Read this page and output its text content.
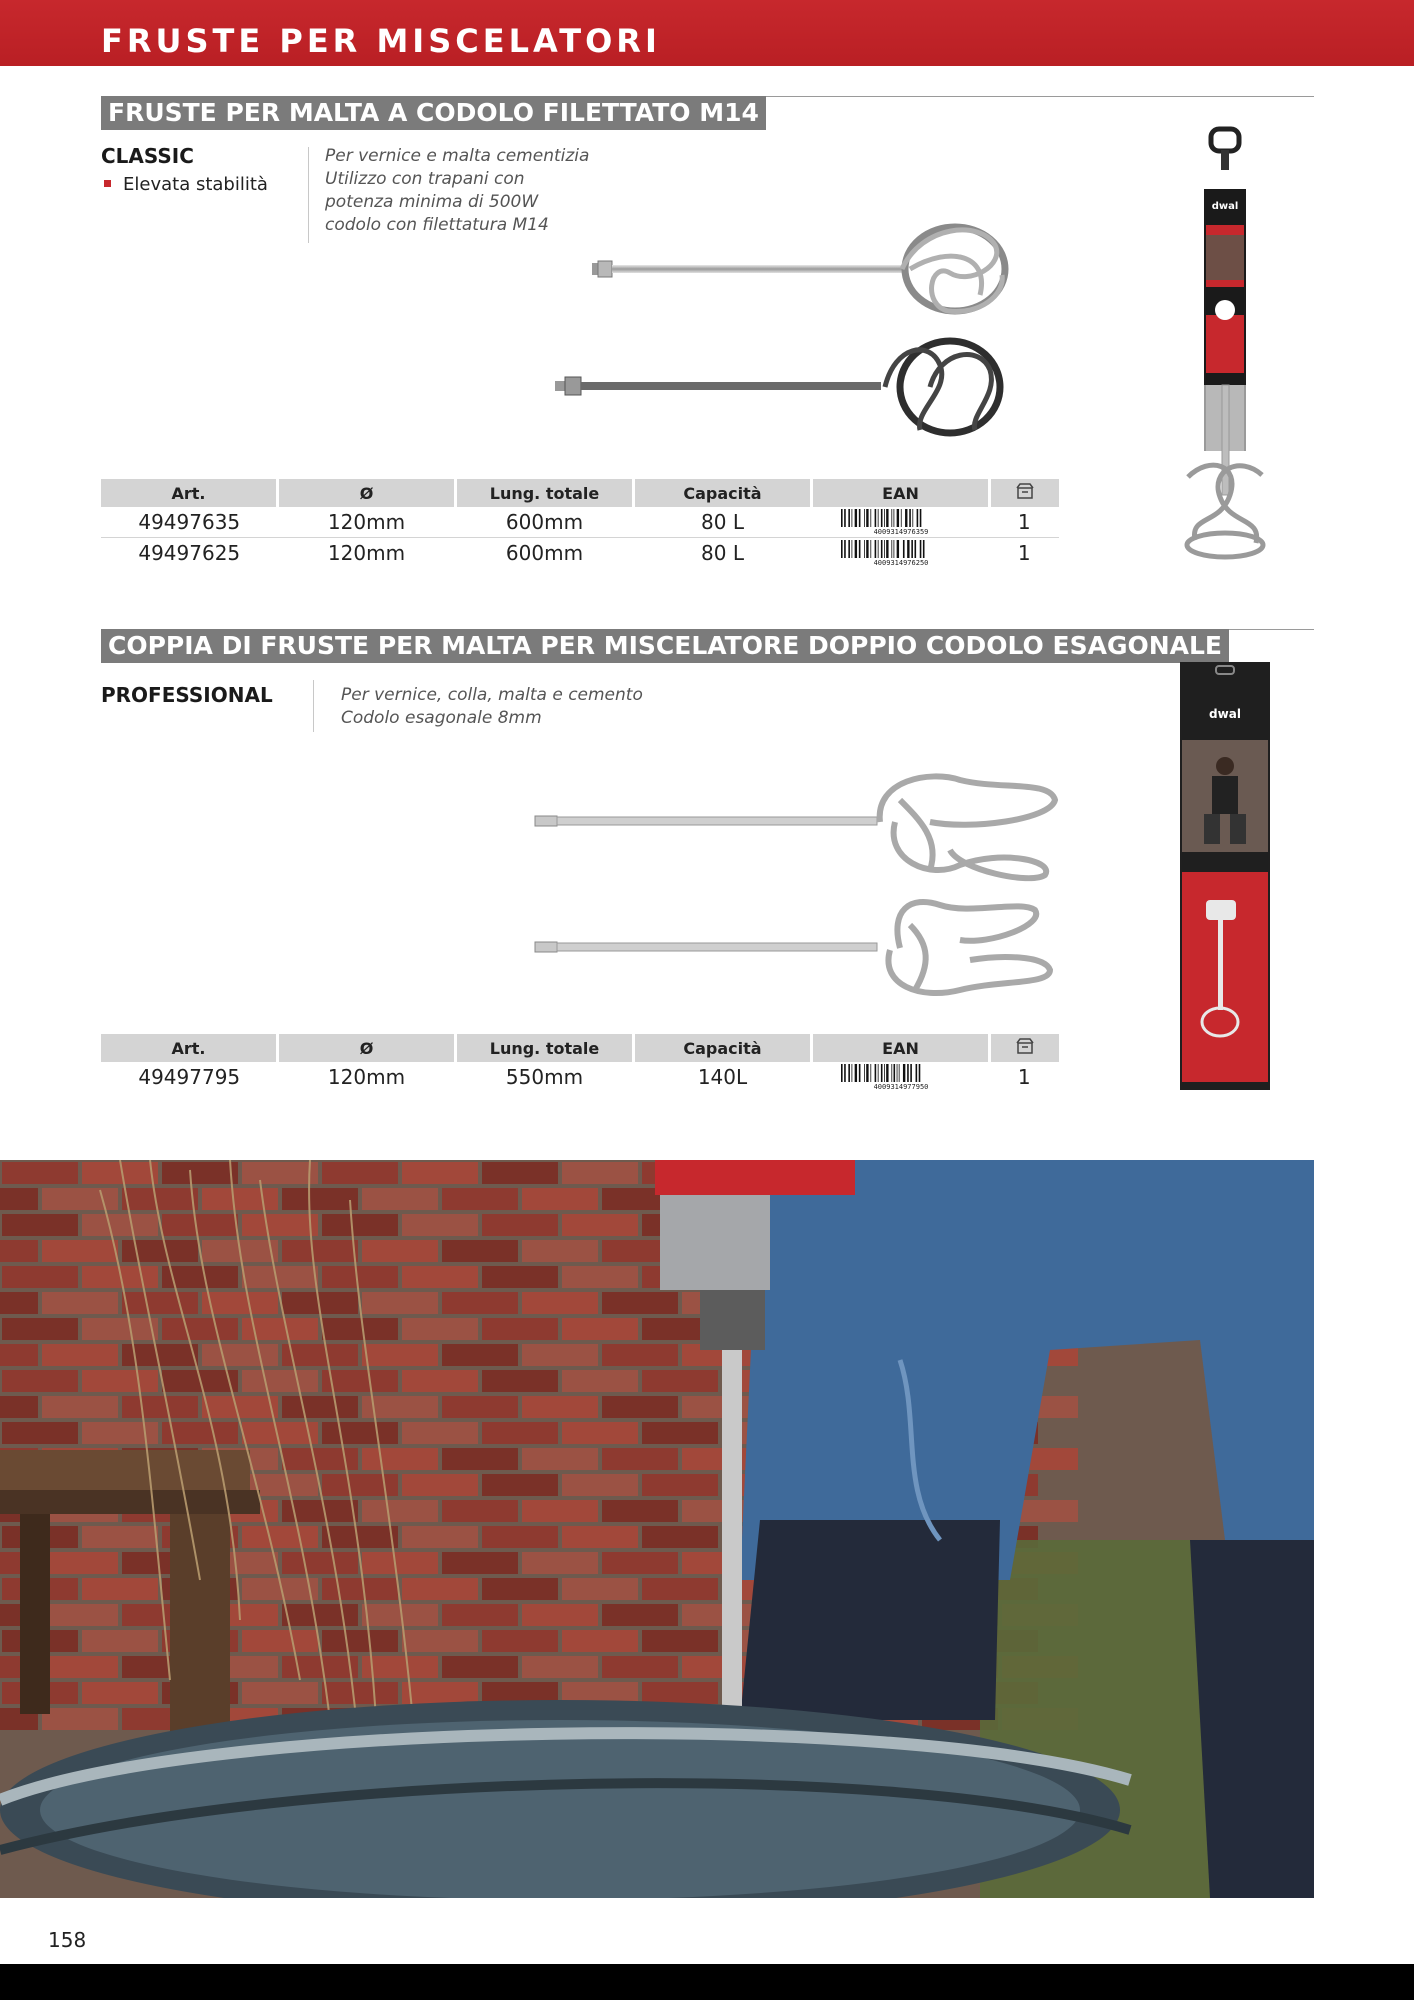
FRUSTE PER MISCELATORI
FRUSTE PER MALTA A CODOLO FILETTATO M14
CLASSIC
Elevata stabilità
Per vernice e malta cementizia
Utilizzo con trapani con
potenza minima di 500W
codolo con filettatura M14
Art.	Ø	Lung. totale	Capacità	EAN	
49497635	120mm	600mm	80 L	4009314976359	1
49497625	120mm	600mm	80 L	4009314976250	1
dwal
COPPIA DI FRUSTE PER MALTA PER MISCELATORE DOPPIO CODOLO ESAGONALE
PROFESSIONAL	Per vernice, colla, malta e cemento
Codolo esagonale 8mm
Art.	Ø	Lung. totale	Capacità	EAN	
49497795	120mm	550mm	140L	4009314977950	1
dwal
158
